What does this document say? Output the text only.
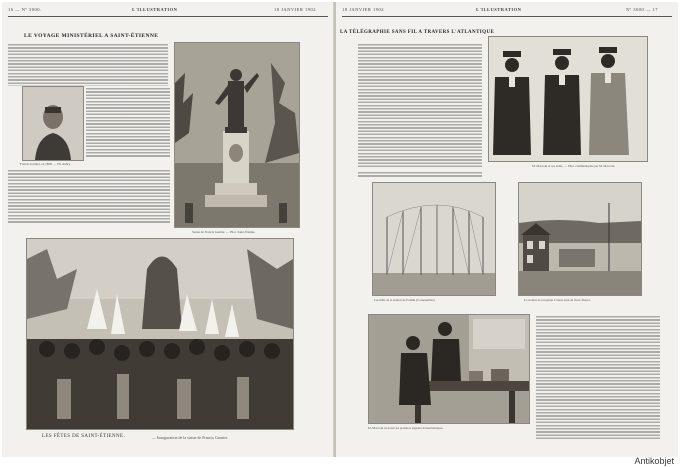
16 — Nº 3000.	L'ILLUSTRATION	18 JANVIER 1902
LE VOYAGE MINISTÉRIEL A SAINT-ÉTIENNE
Francis Garnier, en 1868. — Ph. Aubry.
Statue de Francis Garnier. — Phot. Saint-Étienne.
LES FÊTES DE SAINT-ÉTIENNE.	— Inauguration de la statue de Francis Garnier.
18 JANVIER 1902	L'ILLUSTRATION	Nº 3000 — 17
LA TÉLÉGRAPHIE SANS FIL A TRAVERS L'ATLANTIQUE
M. Marconi et ses aides. — Phot. communiquée par M. Marconi.
Les mâts de la station de Poldhu (Cornouailles).	La station de réception à Saint-Jean de Terre-Neuve.
M. Marconi recevant les premiers signaux transatlantiques.
Antikobjet
